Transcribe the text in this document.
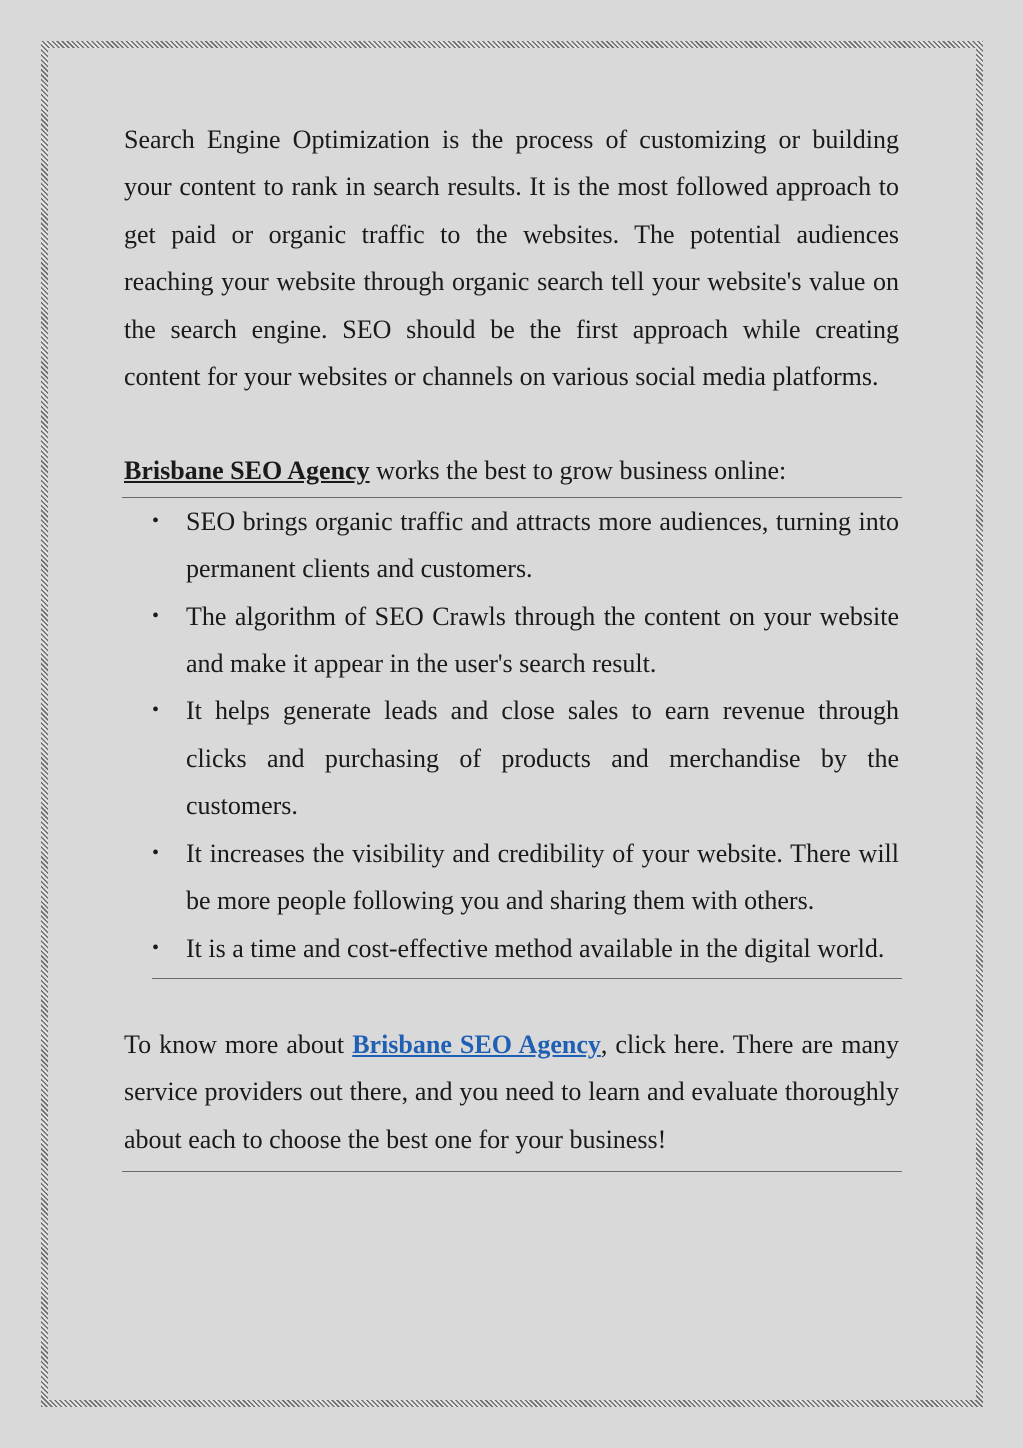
Search Engine Optimization is the process of customizing or building your content to rank in search results. It is the most followed approach to get paid or organic traffic to the websites. The potential audiences reaching your website through organic search tell your website's value on the search engine. SEO should be the first approach while creating content for your websites or channels on various social media platforms.

Brisbane SEO Agency works the best to grow business online:

• SEO brings organic traffic and attracts more audiences, turning into permanent clients and customers.
• The algorithm of SEO Crawls through the content on your website and make it appear in the user's search result.
• It helps generate leads and close sales to earn revenue through clicks and purchasing of products and merchandise by the customers.
• It increases the visibility and credibility of your website. There will be more people following you and sharing them with others.
• It is a time and cost-effective method available in the digital world.

To know more about Brisbane SEO Agency, click here. There are many service providers out there, and you need to learn and evaluate thoroughly about each to choose the best one for your business!
